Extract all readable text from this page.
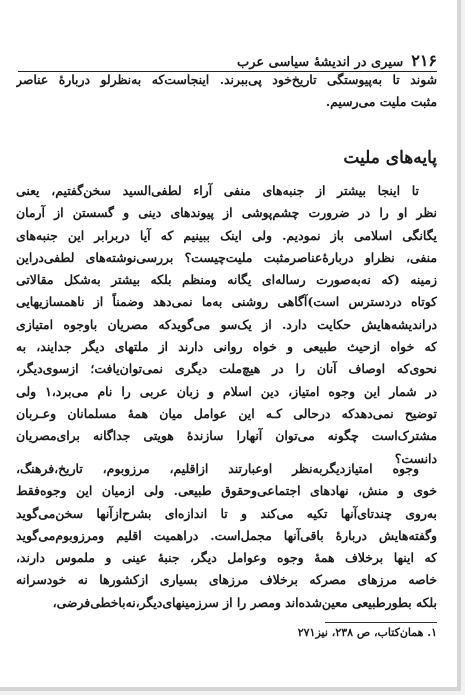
۲۱۶
سیری در اندیشهٔ سیاسی عرب
شوند تا به‌پیوستگی تاریخ‌خود پی‌ببرند. اینجاست‌که به‌نظرلو دربارهٔ عناصر
مثبت ملیت می‌رسیم.
پایه‌های ملیت
تا اینجا بیشتر از جنبه‌های منفی آراء لطفی‌السید سخن‌گفتیم، یعنی
نظر او را در ضرورت چشم‌پوشی از پیوندهای دینی و گسستن از آرمان
یگانگی اسلامی باز نمودیم. ولی اینک ببینیم که آیا دربرابر این جنبه‌های
منفی، نظراو دربارهٔ‌عناصرمثبت ملیت‌چیست؟ بررسی‌نوشته‌های لطفی‌دراین
زمینه (که نه‌به‌صورت رساله‌ای یگانه ومنظم بلکه بیشتر به‌شکل مقالاتی
کوتاه دردسترس است)آگاهی روشنی به‌ما نمی‌دهد وضمناً از ناهمسازیهایی
دراندیشه‌هایش حکایت دارد. از یک‌سو می‌گویدکه مصریان باوجوه امتیازی
که خواه ازحیث طبیعی و خواه روانی دارند از ملتهای دیگر جدایند، به
نحوی‌که اوصاف آنان را در هیچ‌ملت دیگری نمی‌توان‌یافت؛ ازسوی‌دیگر،
در شمار این وجوه امتیاز، دین اسلام و زبان عربی را نام می‌برد،۱ ولی
توضیح نمی‌دهدکه درحالی کـه این عوامل میان همهٔ مسلمانان وعـربان
مشترک‌است چگونه می‌توان آنهارا سازندهٔ هویتی جداگانه برای‌مصریان
دانست؟
وجوه امتیازدیگربه‌نظر اوعبارتند ازاقلیم، مرزوبوم، تاریخ،فرهنگ،
خوی و منش، نهادهای اجتماعی‌وحقوق طبیعی. ولی ازمیان این وجوه‌فقط
به‌روی چندتای‌آنها تکیه می‌کند و تا اندازه‌ای بشرح‌ازآنها سخن‌می‌گوید
وگفته‌هایش دربارهٔ باقی‌آنها مجمل‌است. دراهمیت اقلیم ومرزوبوم‌می‌گوید
که اینها برخلاف همهٔ وجوه وعوامل دیگر، جنبهٔ عینی و ملموس دارند،
خاصه مرزهای مصرکه برخلاف مرزهای بسیاری ازکشورها نه خودسرانه
بلکه بطورطبیعی معین‌شده‌اند ومصر را از سرزمینهای‌دیگر،نه‌باخطی‌فرضی،
۱. همان‌کتاب، ص ۲۳۸، نیز۲۷۱
